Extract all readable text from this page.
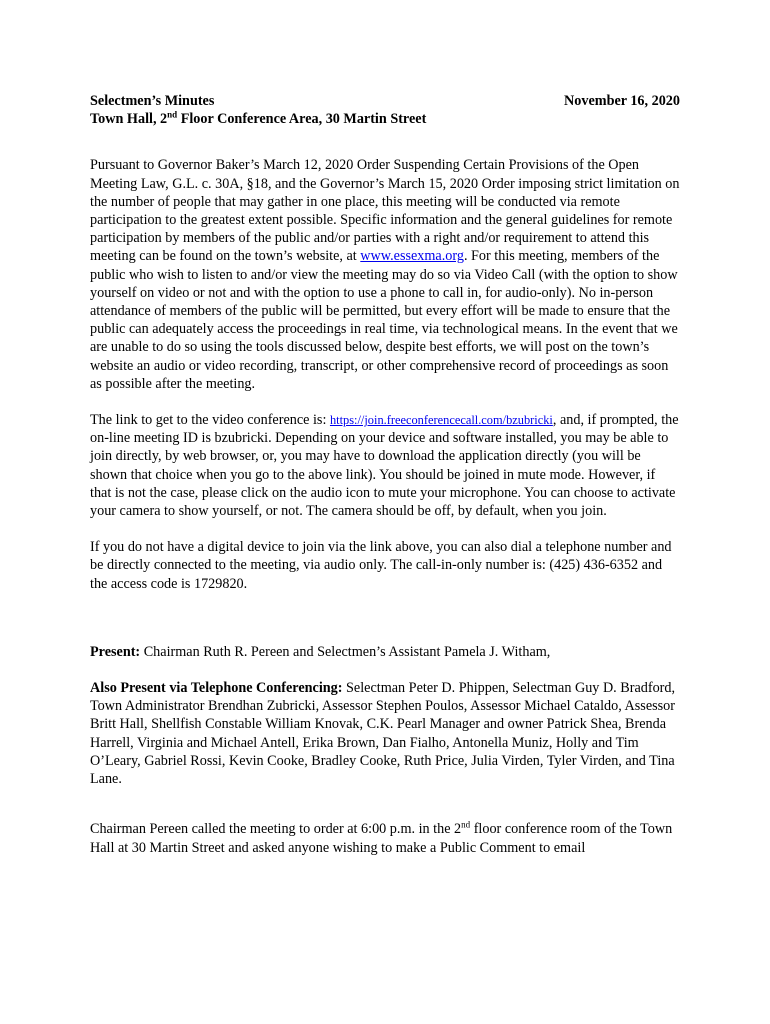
Selectmen’s Minutes	November 16, 2020
Town Hall, 2nd Floor Conference Area, 30 Martin Street

Pursuant to Governor Baker’s March 12, 2020 Order Suspending Certain Provisions of the Open Meeting Law, G.L. c. 30A, §18, and the Governor’s March 15, 2020 Order imposing strict limitation on the number of people that may gather in one place, this meeting will be conducted via remote participation to the greatest extent possible. Specific information and the general guidelines for remote participation by members of the public and/or parties with a right and/or requirement to attend this meeting can be found on the town’s website, at www.essexma.org. For this meeting, members of the public who wish to listen to and/or view the meeting may do so via Video Call (with the option to show yourself on video or not and with the option to use a phone to call in, for audio-only). No in-person attendance of members of the public will be permitted, but every effort will be made to ensure that the public can adequately access the proceedings in real time, via technological means. In the event that we are unable to do so using the tools discussed below, despite best efforts, we will post on the town’s website an audio or video recording, transcript, or other comprehensive record of proceedings as soon as possible after the meeting.

The link to get to the video conference is: https://join.freeconferencecall.com/bzubricki, and, if prompted, the on-line meeting ID is bzubricki. Depending on your device and software installed, you may be able to join directly, by web browser, or, you may have to download the application directly (you will be shown that choice when you go to the above link). You should be joined in mute mode. However, if that is not the case, please click on the audio icon to mute your microphone. You can choose to activate your camera to show yourself, or not. The camera should be off, by default, when you join.

If you do not have a digital device to join via the link above, you can also dial a telephone number and be directly connected to the meeting, via audio only. The call-in-only number is: (425) 436-6352 and the access code is 1729820.

Present: Chairman Ruth R. Pereen and Selectmen’s Assistant Pamela J. Witham,

Also Present via Telephone Conferencing: Selectman Peter D. Phippen, Selectman Guy D. Bradford, Town Administrator Brendhan Zubricki, Assessor Stephen Poulos, Assessor Michael Cataldo, Assessor Britt Hall, Shellfish Constable William Knovak, C.K. Pearl Manager and owner Patrick Shea, Brenda Harrell, Virginia and Michael Antell, Erika Brown, Dan Fialho, Antonella Muniz, Holly and Tim O’Leary, Gabriel Rossi, Kevin Cooke, Bradley Cooke, Ruth Price, Julia Virden, Tyler Virden, and Tina Lane.

Chairman Pereen called the meeting to order at 6:00 p.m. in the 2nd floor conference room of the Town Hall at 30 Martin Street and asked anyone wishing to make a Public Comment to email
